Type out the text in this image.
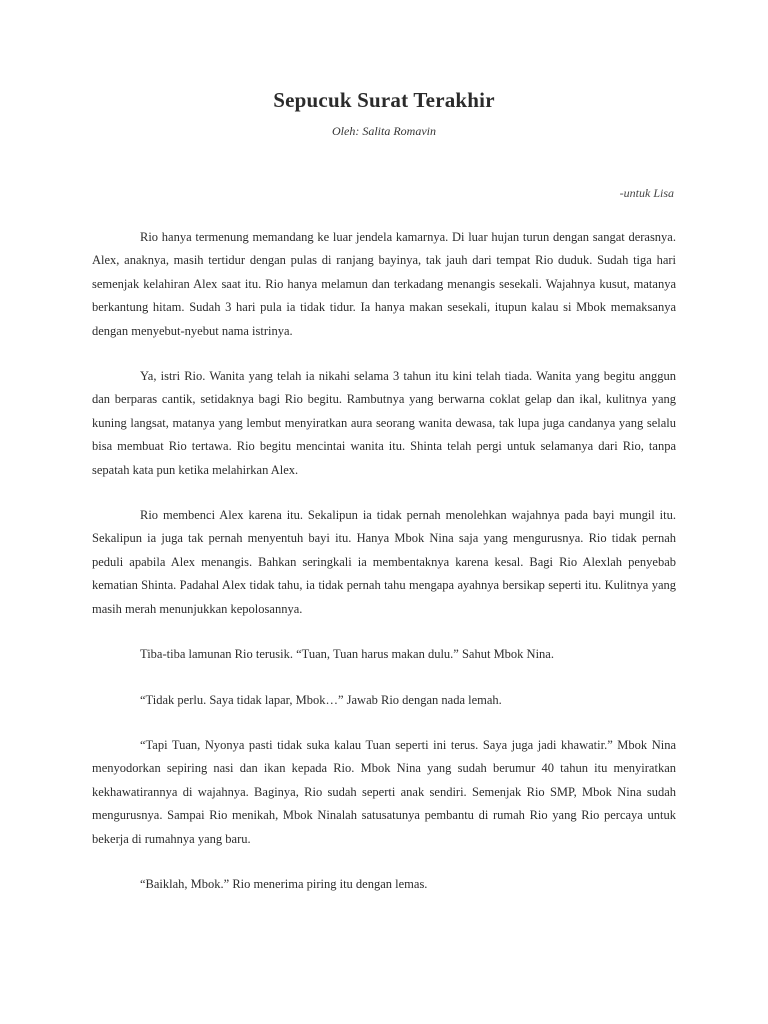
Sepucuk Surat Terakhir
Oleh: Salita Romavin
-untuk Lisa

Rio hanya termenung memandang ke luar jendela kamarnya. Di luar hujan turun dengan sangat derasnya. Alex, anaknya, masih tertidur dengan pulas di ranjang bayinya, tak jauh dari tempat Rio duduk. Sudah tiga hari semenjak kelahiran Alex saat itu. Rio hanya melamun dan terkadang menangis sesekali. Wajahnya kusut, matanya berkantung hitam. Sudah 3 hari pula ia tidak tidur. Ia hanya makan sesekali, itupun kalau si Mbok memaksanya dengan menyebut-nyebut nama istrinya.

Ya, istri Rio. Wanita yang telah ia nikahi selama 3 tahun itu kini telah tiada. Wanita yang begitu anggun dan berparas cantik, setidaknya bagi Rio begitu. Rambutnya yang berwarna coklat gelap dan ikal, kulitnya yang kuning langsat, matanya yang lembut menyiratkan aura seorang wanita dewasa, tak lupa juga candanya yang selalu bisa membuat Rio tertawa. Rio begitu mencintai wanita itu. Shinta telah pergi untuk selamanya dari Rio, tanpa sepatah kata pun ketika melahirkan Alex.

Rio membenci Alex karena itu. Sekalipun ia tidak pernah menolehkan wajahnya pada bayi mungil itu. Sekalipun ia juga tak pernah menyentuh bayi itu. Hanya Mbok Nina saja yang mengurusnya. Rio tidak pernah peduli apabila Alex menangis. Bahkan seringkali ia membentaknya karena kesal. Bagi Rio Alexlah penyebab kematian Shinta. Padahal Alex tidak tahu, ia tidak pernah tahu mengapa ayahnya bersikap seperti itu. Kulitnya yang masih merah menunjukkan kepolosannya.

Tiba-tiba lamunan Rio terusik. “Tuan, Tuan harus makan dulu.” Sahut Mbok Nina.

“Tidak perlu. Saya tidak lapar, Mbok…” Jawab Rio dengan nada lemah.

“Tapi Tuan, Nyonya pasti tidak suka kalau Tuan seperti ini terus. Saya juga jadi khawatir.” Mbok Nina menyodorkan sepiring nasi dan ikan kepada Rio. Mbok Nina yang sudah berumur 40 tahun itu menyiratkan kekhawatirannya di wajahnya. Baginya, Rio sudah seperti anak sendiri. Semenjak Rio SMP, Mbok Nina sudah mengurusnya. Sampai Rio menikah, Mbok Ninalah satusatunya pembantu di rumah Rio yang Rio percaya untuk bekerja di rumahnya yang baru.

“Baiklah, Mbok.” Rio menerima piring itu dengan lemas.
